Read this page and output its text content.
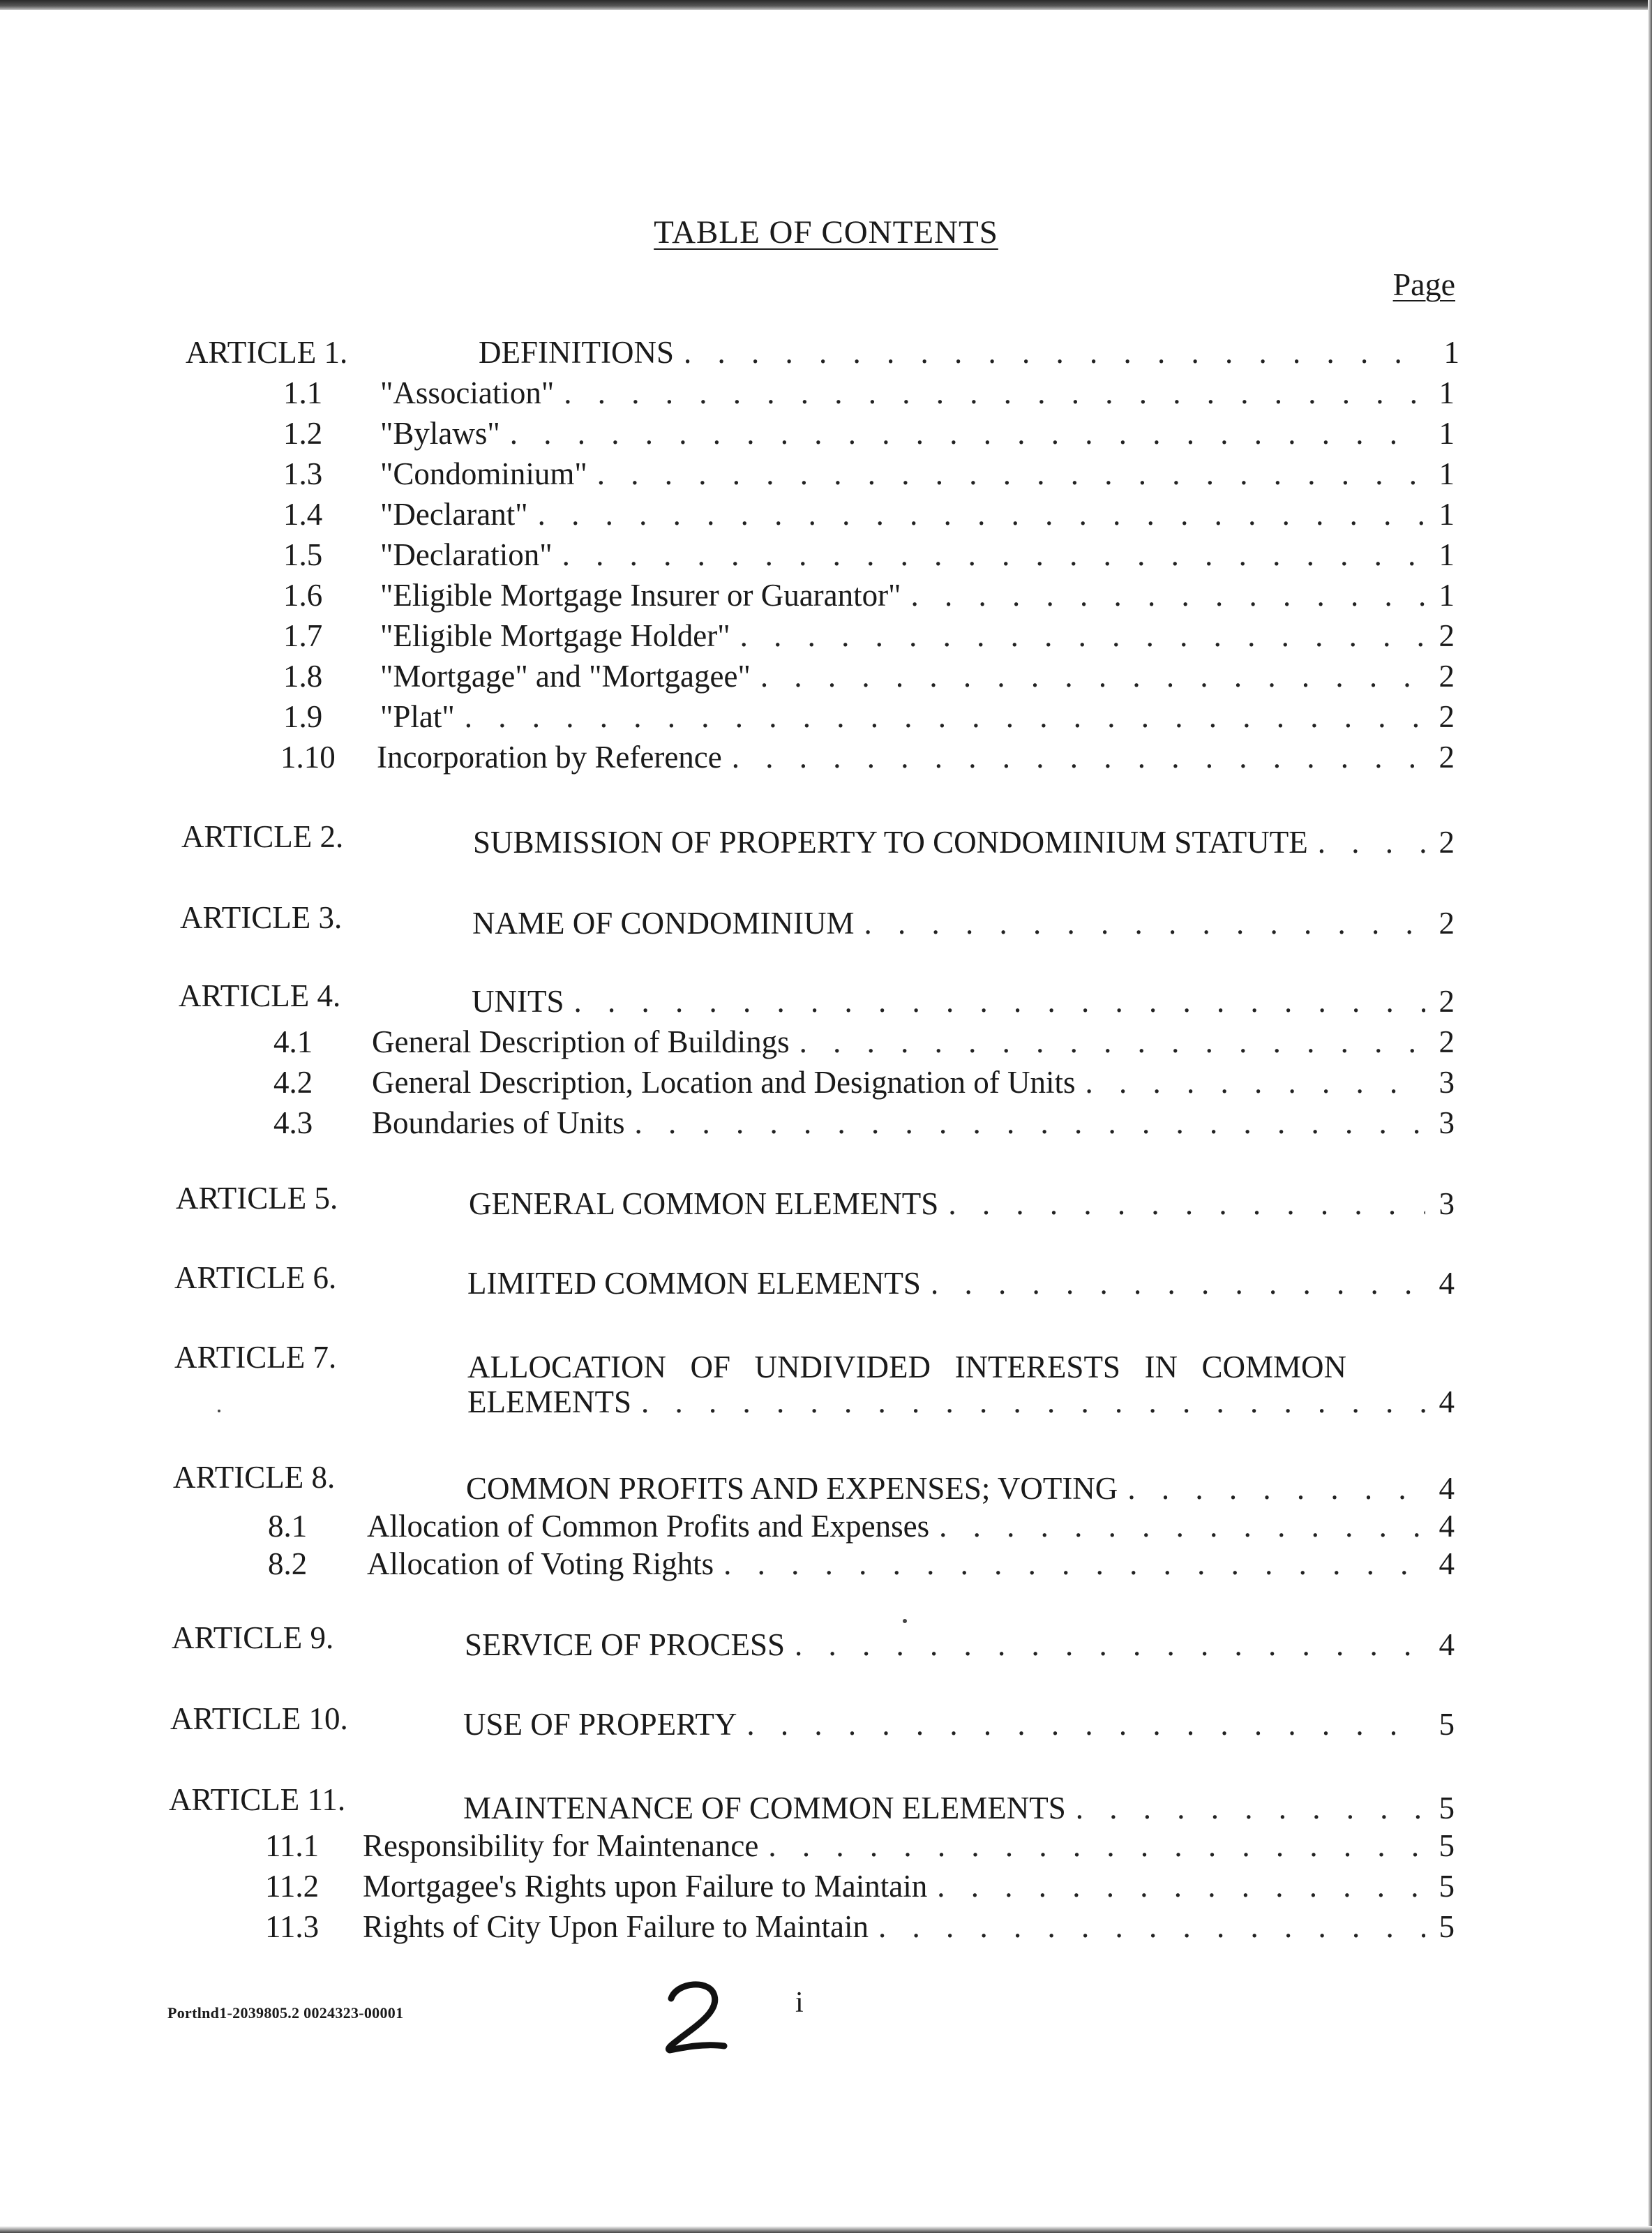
TABLE OF CONTENTS
Page
ARTICLE 1.	DEFINITIONS . . .	1
1.1 "Association" . . .	1
1.2 "Bylaws" . . .	1
1.3 "Condominium" . . .	1
1.4 "Declarant" . . .	1
1.5 "Declaration" . . .	1
1.6 "Eligible Mortgage Insurer or Guarantor" . . .	1
1.7 "Eligible Mortgage Holder" . . .	2
1.8 "Mortgage" and "Mortgagee" . . .	2
1.9 "Plat" . . .	2
1.10 Incorporation by Reference . . .	2
ARTICLE 2.	SUBMISSION OF PROPERTY TO CONDOMINIUM STATUTE . . .	2
ARTICLE 3.	NAME OF CONDOMINIUM . . .	2
ARTICLE 4.	UNITS . . .	2
4.1 General Description of Buildings . . .	2
4.2 General Description, Location and Designation of Units . . .	3
4.3 Boundaries of Units . . .	3
ARTICLE 5.	GENERAL COMMON ELEMENTS . . .	3
ARTICLE 6.	LIMITED COMMON ELEMENTS . . .	4
ARTICLE 7.	ALLOCATION OF UNDIVIDED INTERESTS IN COMMON
ELEMENTS . . .	4
ARTICLE 8.	COMMON PROFITS AND EXPENSES; VOTING . . .	4
8.1 Allocation of Common Profits and Expenses . . .	4
8.2 Allocation of Voting Rights . . .	4
ARTICLE 9.	SERVICE OF PROCESS . . .	4
ARTICLE 10.	USE OF PROPERTY . . .	5
ARTICLE 11.	MAINTENANCE OF COMMON ELEMENTS . . .	5
11.1 Responsibility for Maintenance . . .	5
11.2 Mortgagee's Rights upon Failure to Maintain . . .	5
11.3 Rights of City Upon Failure to Maintain . . .	5
Portlnd1-2039805.2 0024323-00001	i
